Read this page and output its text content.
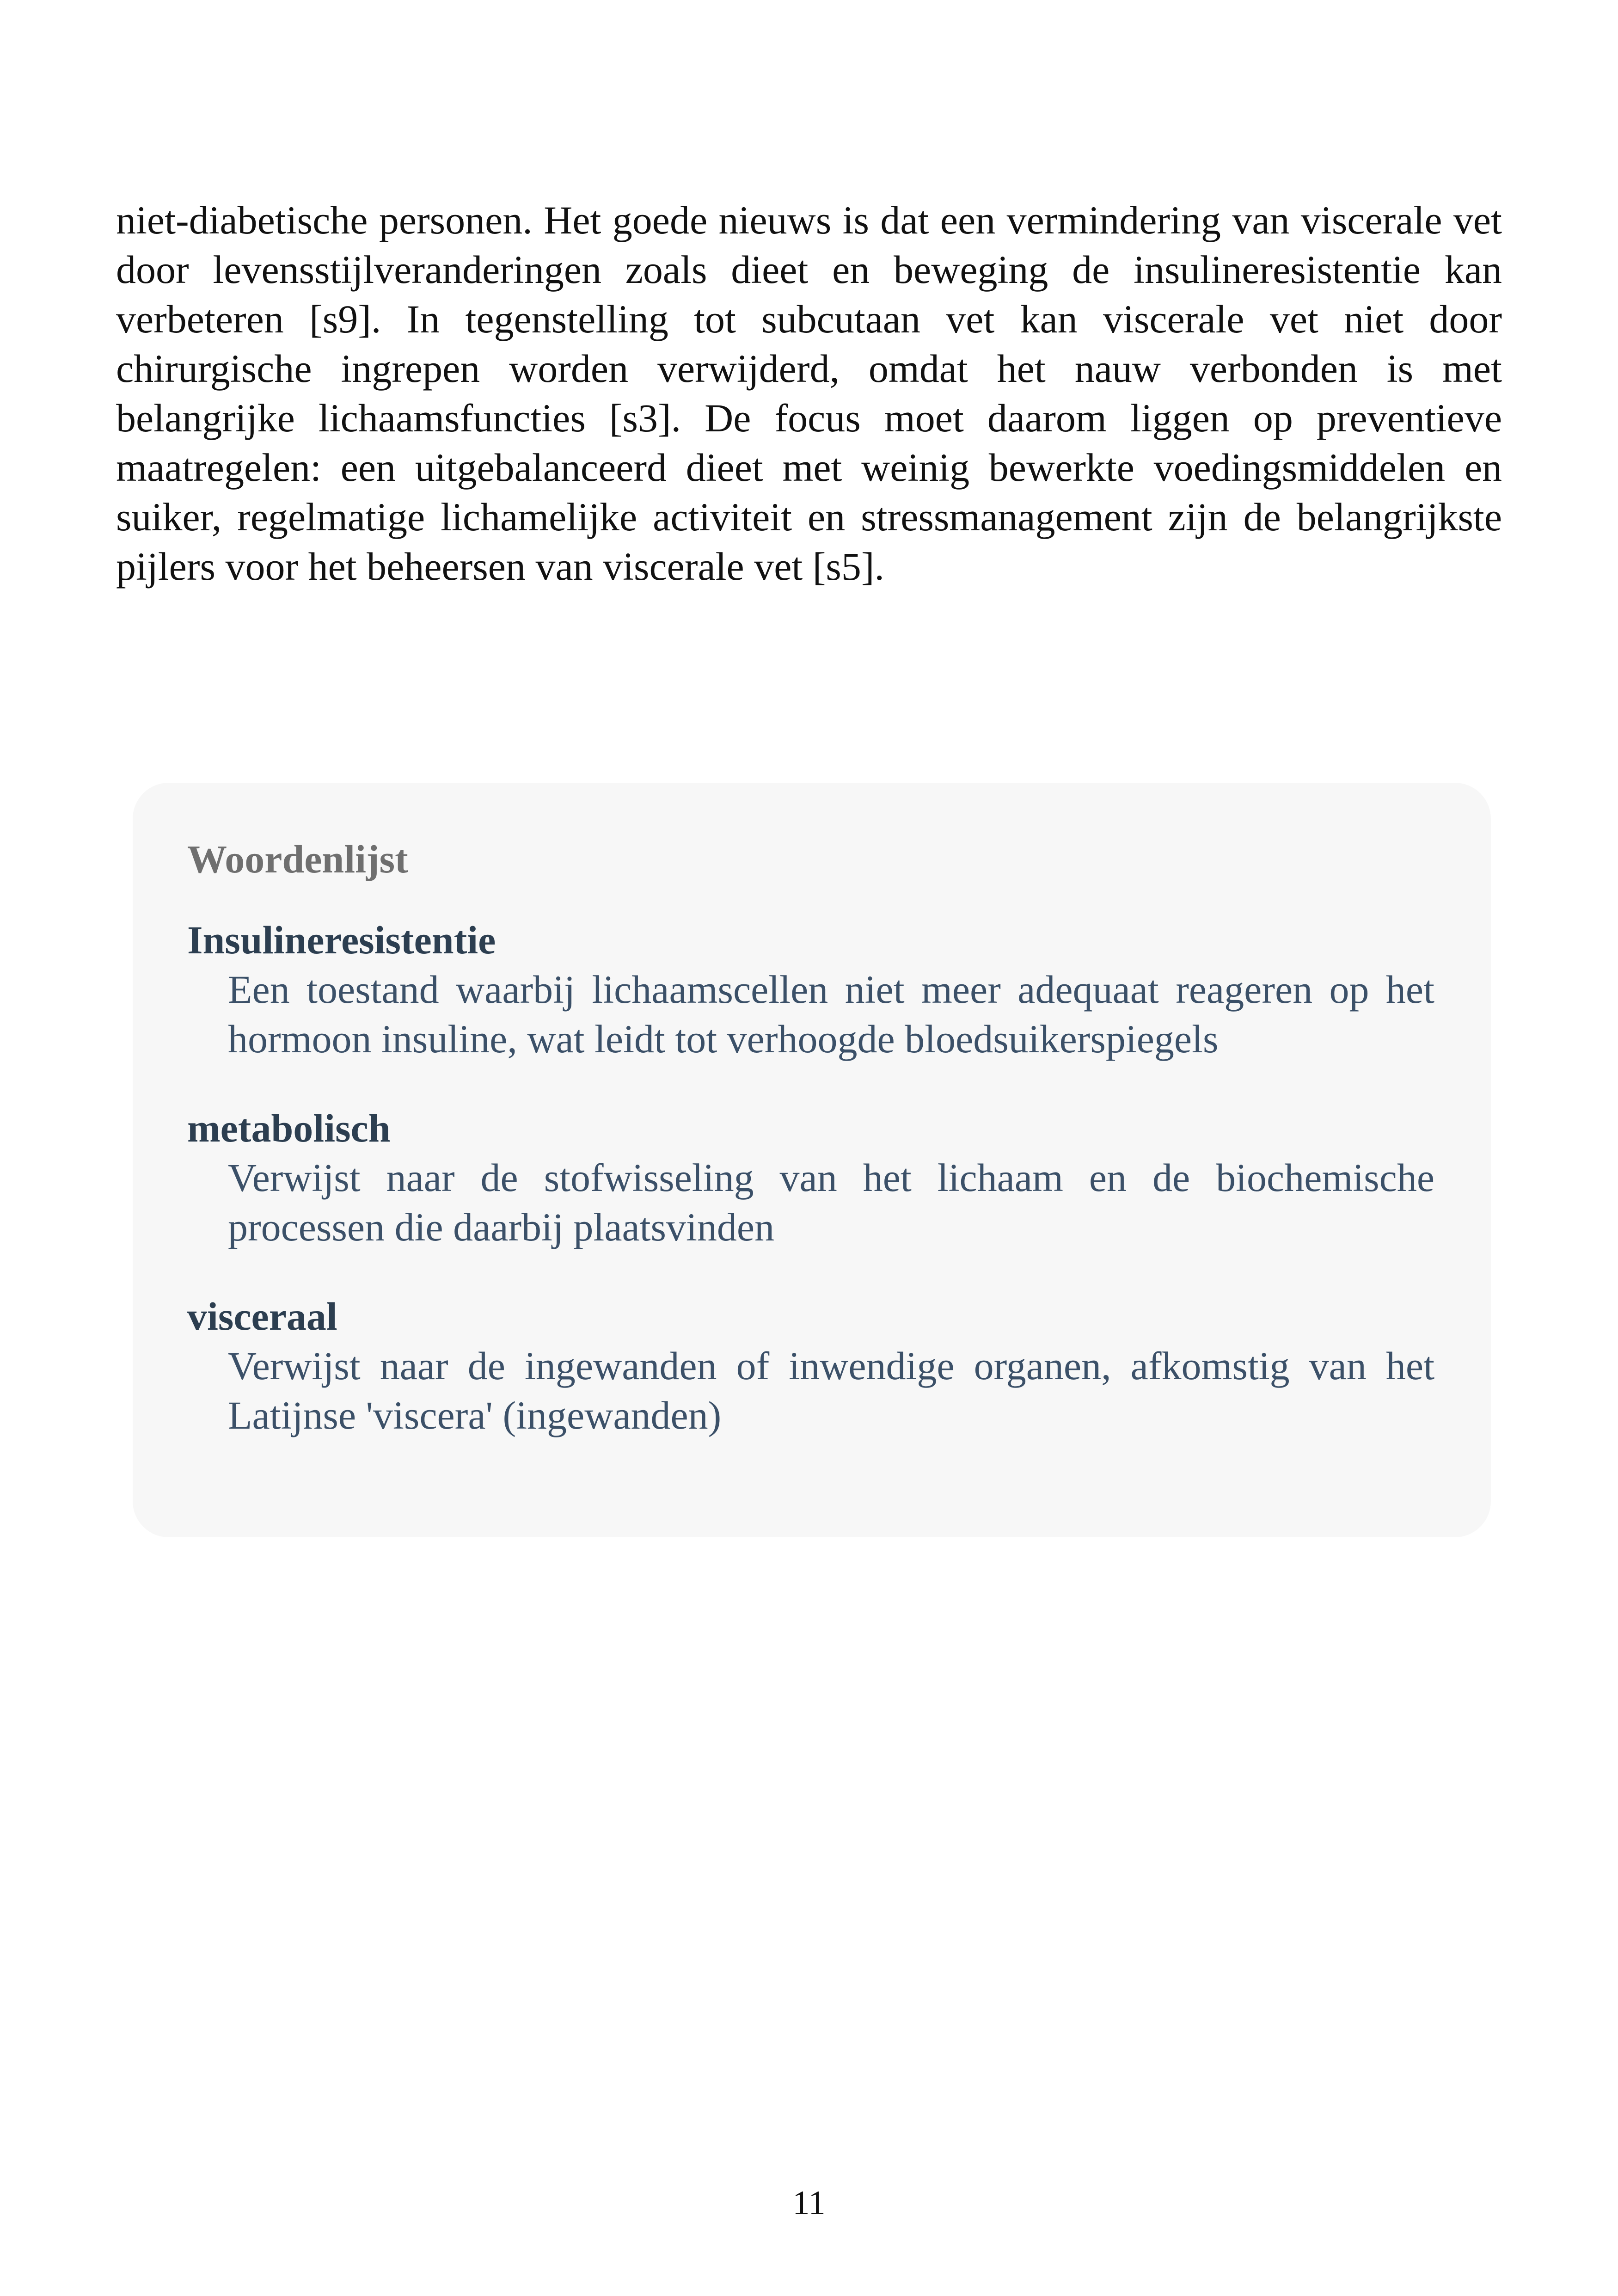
niet-diabetische personen. Het goede nieuws is dat een vermindering van viscerale vet door levensstijlveranderingen zoals dieet en beweging de insulineresistentie kan verbeteren [s9]. In tegenstelling tot subcutaan vet kan viscerale vet niet door chirurgische ingrepen worden verwijderd, omdat het nauw verbonden is met belangrijke lichaamsfuncties [s3]. De focus moet daarom liggen op preventieve maatregelen: een uitgebalanceerd dieet met weinig bewerkte voedingsmiddelen en suiker, regelmatige lichamelijke activiteit en stressmanagement zijn de belangrijkste pijlers voor het beheersen van viscerale vet [s5].

Woordenlijst
Insulineresistentie
Een toestand waarbij lichaamscellen niet meer adequaat reageren op het hormoon insuline, wat leidt tot verhoogde bloedsuikerspiegels
metabolisch
Verwijst naar de stofwisseling van het lichaam en de biochemische processen die daarbij plaatsvinden
visceraal
Verwijst naar de ingewanden of inwendige organen, afkomstig van het Latijnse 'viscera' (ingewanden)
11
